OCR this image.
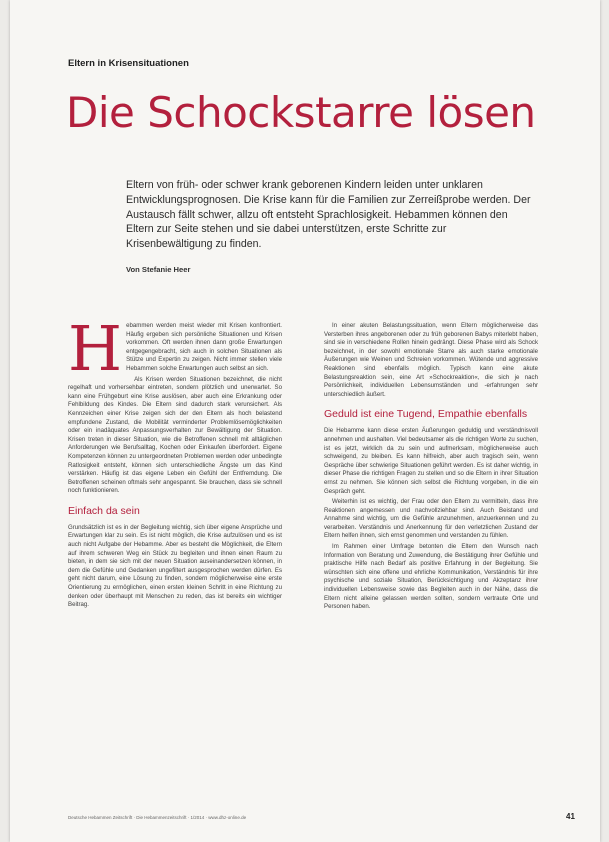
Eltern in Krisensituationen
Die Schockstarre lösen
Eltern von früh- oder schwer krank geborenen Kindern leiden unter unklaren Entwicklungsprognosen. Die Krise kann für die Familien zur Zerreißprobe werden. Der Austausch fällt schwer, allzu oft entsteht Sprachlosigkeit. Hebammen können den Eltern zur Seite stehen und sie dabei unterstützen, erste Schritte zur Krisenbewältigung zu finden.
Von Stefanie Heer
H ebammen werden meist wieder mit Krisen konfrontiert. Häufig ergeben sich persönliche Situationen und Krisen vorkommen. Oft werden ihnen dann große Erwartungen entgegengebracht, sich auch in solchen Situationen als Stütze und Expertin zu zeigen. Nicht immer stellen viele Hebammen solche Erwartungen auch selbst an sich.

Als Krisen werden Situationen bezeichnet, die nicht regelhaft und vorhersehbar eintreten, sondern plötzlich und unerwartet. So kann eine Frühgeburt eine Krise auslösen, aber auch eine Erkrankung oder Fehlbildung des Kindes. Die Eltern sind dadurch stark verunsichert. Als Kennzeichen einer Krise zeigen sich der den Eltern als hoch belastend empfundene Zustand, die Mobilität verminderter Problemlösemöglichkeiten oder ein inadäquates Anpassungsverhalten zur Bewältigung der Situation. Krisen treten in dieser Situation, wie die Betroffenen schnell mit alltäglichen Anforderungen wie Berufsalltag, Kochen oder Einkaufen überfordert. Eigene Kompetenzen können zu untergeordneten Problemen werden oder unbedingte Ratlosigkeit entsteht, können sich unterschiedliche Ängste um das Kind verstärken. Häufig ist das eigene Leben ein Gefühl der Entfremdung. Die Betroffenen scheinen oftmals sehr angespannt. Sie brauchen, dass sie schnell noch funktionieren.

Einfach da sein

Grundsätzlich ist es in der Begleitung wichtig, sich über eigene Ansprüche und Erwartungen klar zu sein. Es ist nicht möglich, die Krise aufzulösen und es ist auch nicht Aufgabe der Hebamme. Aber es besteht die Möglichkeit, die Eltern auf ihrem schweren Weg ein Stück zu begleiten und ihnen einen Raum zu bieten, in dem sie sich mit der neuen Situation auseinandersetzen können, in dem die Gefühle und Gedanken ungefiltert ausgesprochen werden dürfen. Es geht nicht darum, eine Lösung zu finden, sondern möglicherweise eine erste Orientierung zu ermöglichen, einen ersten kleinen Schritt in eine Richtung zu denken oder überhaupt mit Menschen zu reden, das ist bereits ein wichtiger Beitrag.

In einer akuten Belastungssituation, wenn Eltern möglicherweise das Versterben ihres angeborenen oder zu früh geborenen Babys miterlebt haben, sind sie in verschiedene Rollen hinein gedrängt. Diese Phase wird als Schock bezeichnet, in der sowohl emotionale Starre als auch starke emotionale Äußerungen wie Weinen und Schreien vorkommen. Wütende und aggressive Reaktionen sind ebenfalls möglich. Typisch kann eine akute Belastungsreaktion sein, eine Art »Schockreaktion«, die sich je nach Persönlichkeit, individuellen Lebensumständen und -erfahrungen sehr unterschiedlich äußert.

Geduld ist eine Tugend, Empathie ebenfalls

Die Hebamme kann diese ersten Äußerungen geduldig und verständnisvoll annehmen und aushalten. Viel bedeutsamer als die richtigen Worte zu suchen, ist es jetzt, wirklich da zu sein und aufmerksam, möglicherweise auch schweigend, zu bleiben. Es kann hilfreich, aber auch tragisch sein, wenn Gespräche über schwierige Situationen geführt werden. Es ist daher wichtig, in dieser Phase die richtigen Fragen zu stellen und so die Eltern in ihrer Situation ernst zu nehmen. Sie können sich selbst die Richtung vorgeben, in die ein Gespräch geht.

Weiterhin ist es wichtig, der Frau oder den Eltern zu vermitteln, dass ihre Reaktionen angemessen und nachvollziehbar sind. Auch Beistand und Annahme sind wichtig, um die Gefühle anzunehmen, anzuerkennen und zu verarbeiten. Verständnis und Anerkennung für den verletzlichen Zustand der Eltern helfen ihnen, sich ernst genommen und verstanden zu fühlen.

Im Rahmen einer Umfrage betonten die Eltern den Wunsch nach Information von Beratung und Zuwendung, die Bestätigung ihrer Gefühle und praktische Hilfe nach Bedarf als positive Erfahrung in der Begleitung. Sie wünschten sich eine offene und ehrliche Kommunikation, Verständnis für ihre psychische und soziale Situation, Berücksichtigung und Akzeptanz ihrer individuellen Lebensweise sowie das Begleiten auch in der Nähe, dass die Eltern nicht alleine gelassen werden sollten, sondern vertraute Orte und Personen haben.

Deutsche Hebammen Zeitschrift · Die Hebammenzeitschrift · 1/2014 · www.dhz-online.de	41
